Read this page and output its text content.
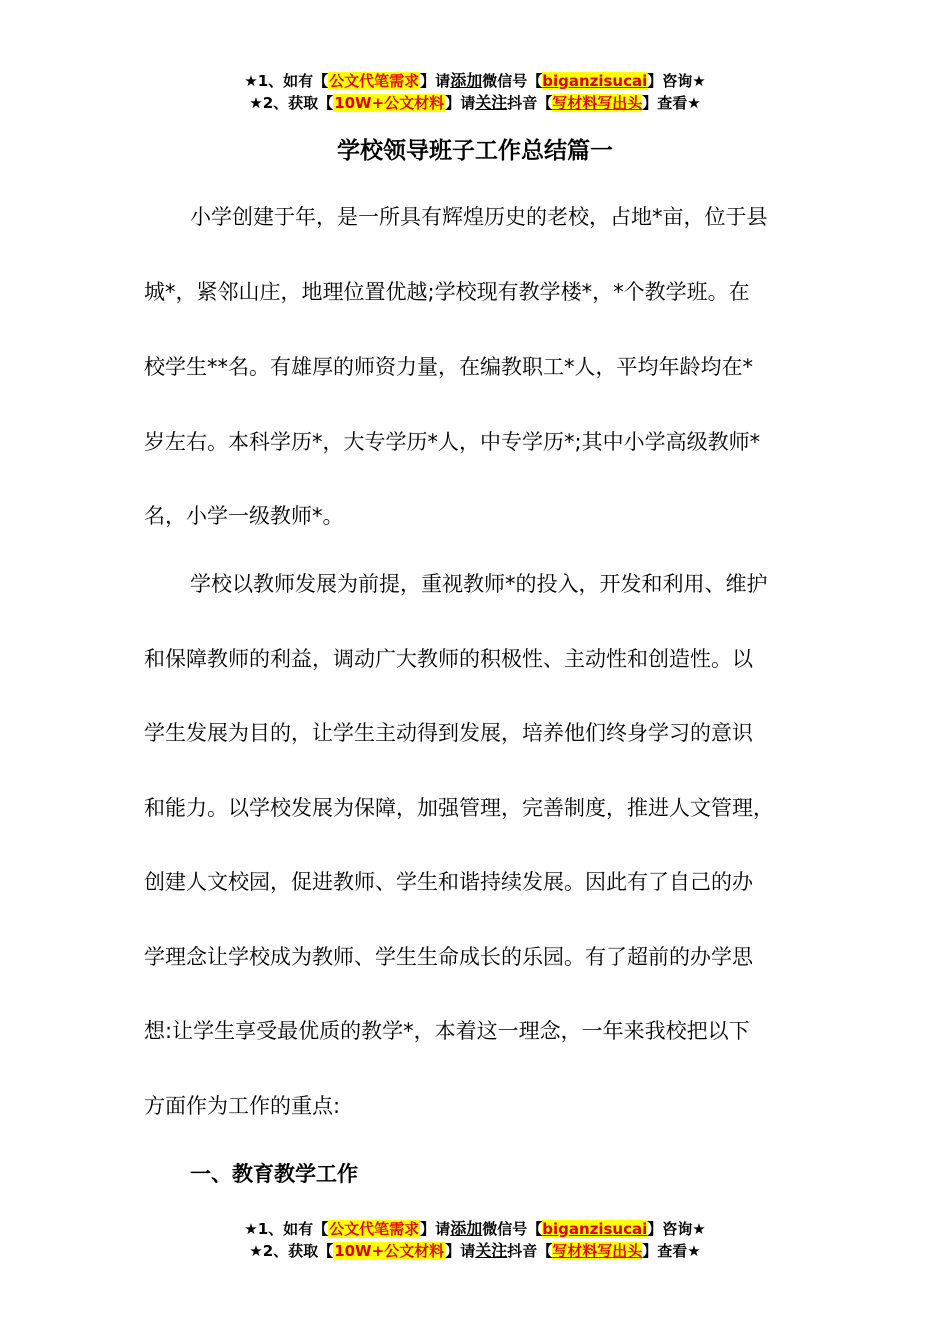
★1、如有【公文代笔需求】请添加微信号【biganzisucai】咨询★
★2、获取【10W+公文材料】请关注抖音【写材料写出头】查看★
学校领导班子工作总结篇一
小学创建于年，是一所具有辉煌历史的老校，占地*亩，位于县
城*，紧邻山庄，地理位置优越;学校现有教学楼*，*个教学班。在
校学生**名。有雄厚的师资力量，在编教职工*人，平均年龄均在*
岁左右。本科学历*，大专学历*人，中专学历*;其中小学高级教师*
名，小学一级教师*。
学校以教师发展为前提，重视教师*的投入，开发和利用、维护
和保障教师的利益，调动广大教师的积极性、主动性和创造性。以
学生发展为目的，让学生主动得到发展，培养他们终身学习的意识
和能力。以学校发展为保障，加强管理，完善制度，推进人文管理，
创建人文校园，促进教师、学生和谐持续发展。因此有了自己的办
学理念让学校成为教师、学生生命成长的乐园。有了超前的办学思
想:让学生享受最优质的教学*，本着这一理念，一年来我校把以下
方面作为工作的重点:
一、教育教学工作
★1、如有【公文代笔需求】请添加微信号【biganzisucai】咨询★
★2、获取【10W+公文材料】请关注抖音【写材料写出头】查看★
